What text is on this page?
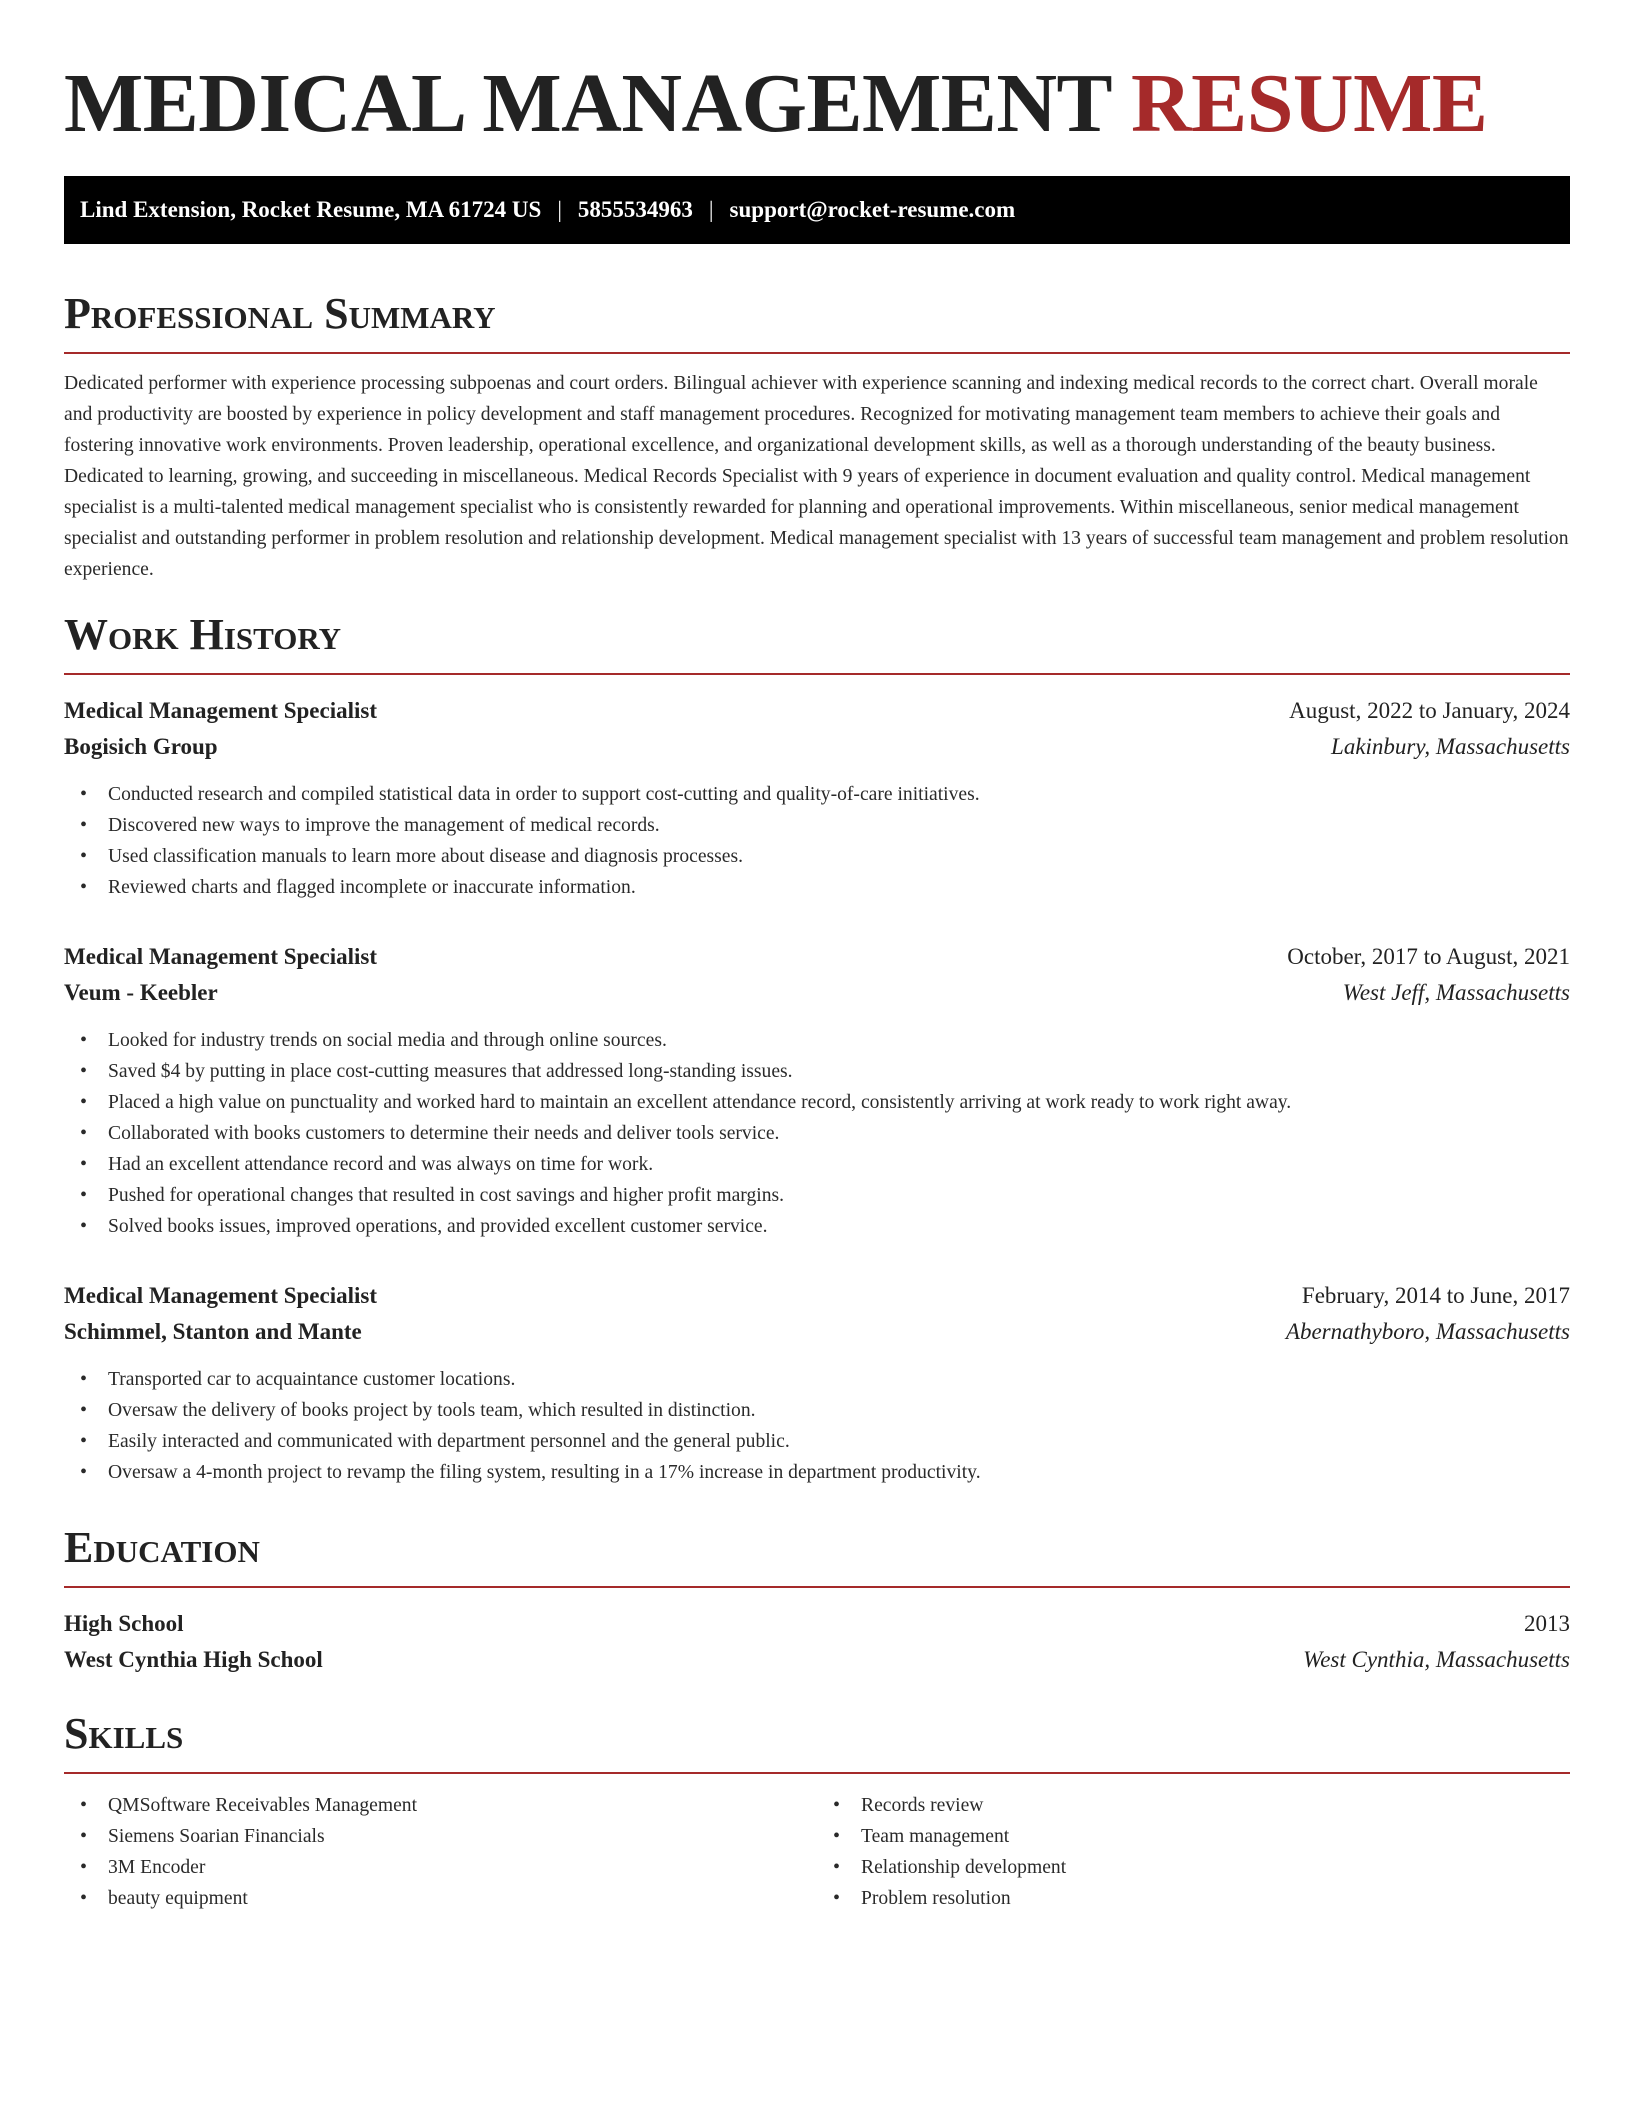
MEDICAL MANAGEMENT RESUME
Lind Extension, Rocket Resume, MA 61724 US | 5855534963 | support@rocket-resume.com
Professional Summary

Dedicated performer with experience processing subpoenas and court orders. Bilingual achiever with experience scanning and indexing medical records to the correct chart. Overall morale and productivity are boosted by experience in policy development and staff management procedures. Recognized for motivating management team members to achieve their goals and fostering innovative work environments. Proven leadership, operational excellence, and organizational development skills, as well as a thorough understanding of the beauty business. Dedicated to learning, growing, and succeeding in miscellaneous. Medical Records Specialist with 9 years of experience in document evaluation and quality control. Medical management specialist is a multi-talented medical management specialist who is consistently rewarded for planning and operational improvements. Within miscellaneous, senior medical management specialist and outstanding performer in problem resolution and relationship development. Medical management specialist with 13 years of successful team management and problem resolution experience.

Work History
Medical Management Specialist	August, 2022 to January, 2024
Bogisich Group	Lakinbury, Massachusetts
• Conducted research and compiled statistical data in order to support cost-cutting and quality-of-care initiatives.
• Discovered new ways to improve the management of medical records.
• Used classification manuals to learn more about disease and diagnosis processes.
• Reviewed charts and flagged incomplete or inaccurate information.
Medical Management Specialist	October, 2017 to August, 2021
Veum - Keebler	West Jeff, Massachusetts
• Looked for industry trends on social media and through online sources.
• Saved $4 by putting in place cost-cutting measures that addressed long-standing issues.
• Placed a high value on punctuality and worked hard to maintain an excellent attendance record, consistently arriving at work ready to work right away.
• Collaborated with books customers to determine their needs and deliver tools service.
• Had an excellent attendance record and was always on time for work.
• Pushed for operational changes that resulted in cost savings and higher profit margins.
• Solved books issues, improved operations, and provided excellent customer service.
Medical Management Specialist	February, 2014 to June, 2017
Schimmel, Stanton and Mante	Abernathyboro, Massachusetts
• Transported car to acquaintance customer locations.
• Oversaw the delivery of books project by tools team, which resulted in distinction.
• Easily interacted and communicated with department personnel and the general public.
• Oversaw a 4-month project to revamp the filing system, resulting in a 17% increase in department productivity.
Education
High School	2013
West Cynthia High School	West Cynthia, Massachusetts
Skills
• QMSoftware Receivables Management
• Siemens Soarian Financials
• 3M Encoder
• beauty equipment
• Records review
• Team management
• Relationship development
• Problem resolution
